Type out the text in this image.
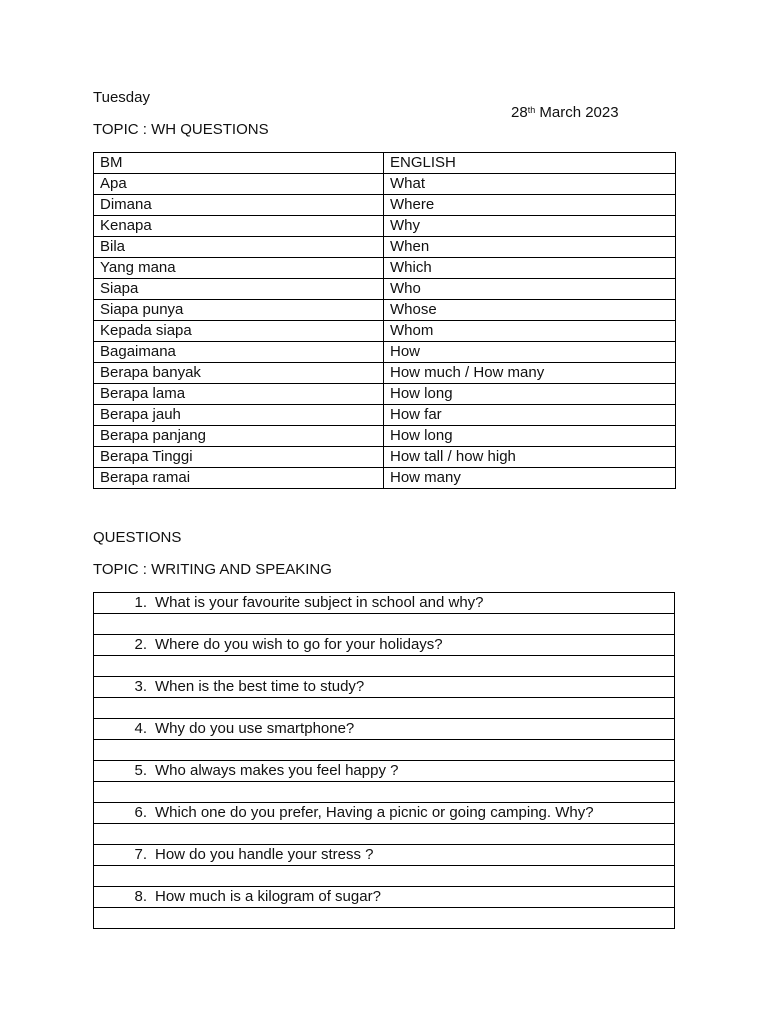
Tuesday

28th March 2023

TOPIC : WH QUESTIONS

BM	ENGLISH
Apa	What
Dimana	Where
Kenapa	Why
Bila	When
Yang mana	Which
Siapa	Who
Siapa punya	Whose
Kepada siapa	Whom
Bagaimana	How
Berapa banyak	How much / How many
Berapa lama	How long
Berapa jauh	How far
Berapa panjang	How long
Berapa Tinggi	How tall / how high
Berapa ramai	How many

QUESTIONS

TOPIC : WRITING AND SPEAKING

1. What is your favourite subject in school and why?

2. Where do you wish to go for your holidays?

3. When is the best time to study?

4. Why do you use smartphone?

5. Who always makes you feel happy ?

6. Which one do you prefer, Having a picnic or going camping. Why?

7. How do you handle your stress ?

8. How much is a kilogram of sugar?
